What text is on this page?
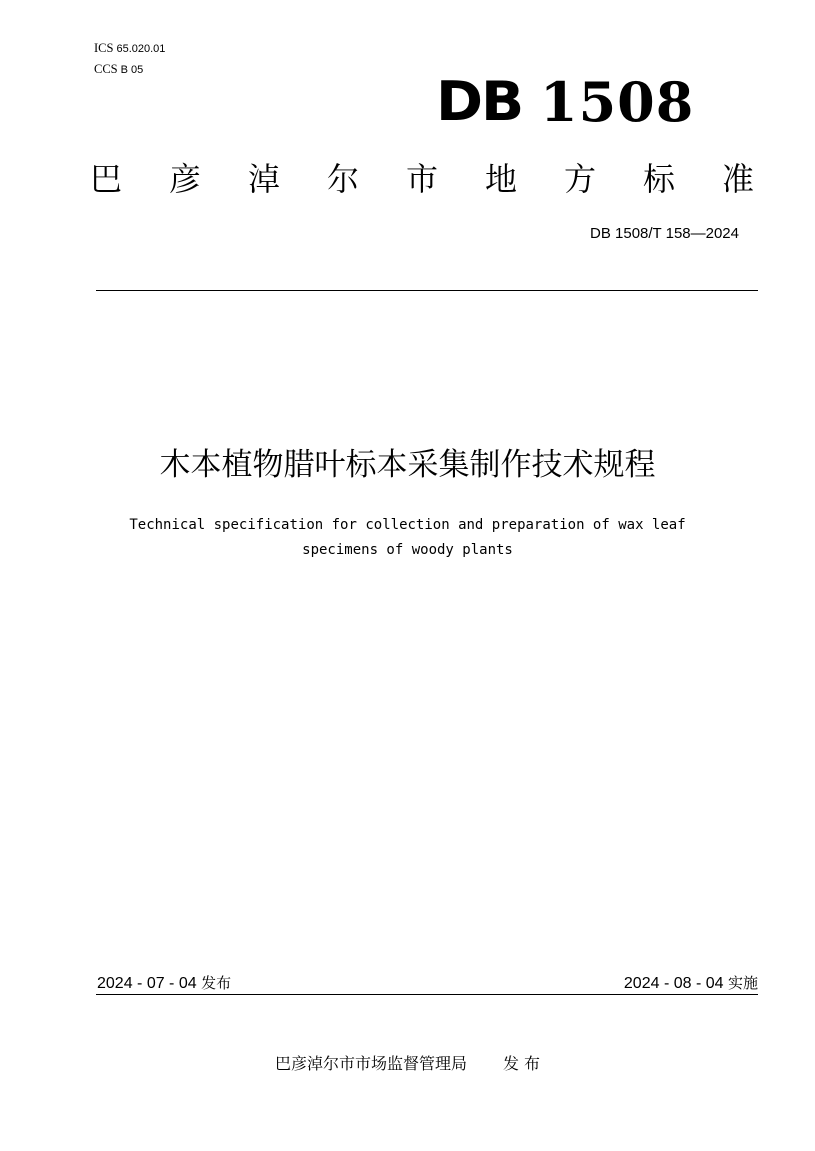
ICS 65.020.01
CCS B 05	DB 1508
巴 彦 淖 尔 市 地 方 标 准
DB 1508/T 158—2024
木本植物腊叶标本采集制作技术规程
Technical specification for collection and preparation of wax leaf
specimens of woody plants
2024 - 07 - 04 发布	2024 - 08 - 04 实施
巴彦淖尔市市场监督管理局 发 布
